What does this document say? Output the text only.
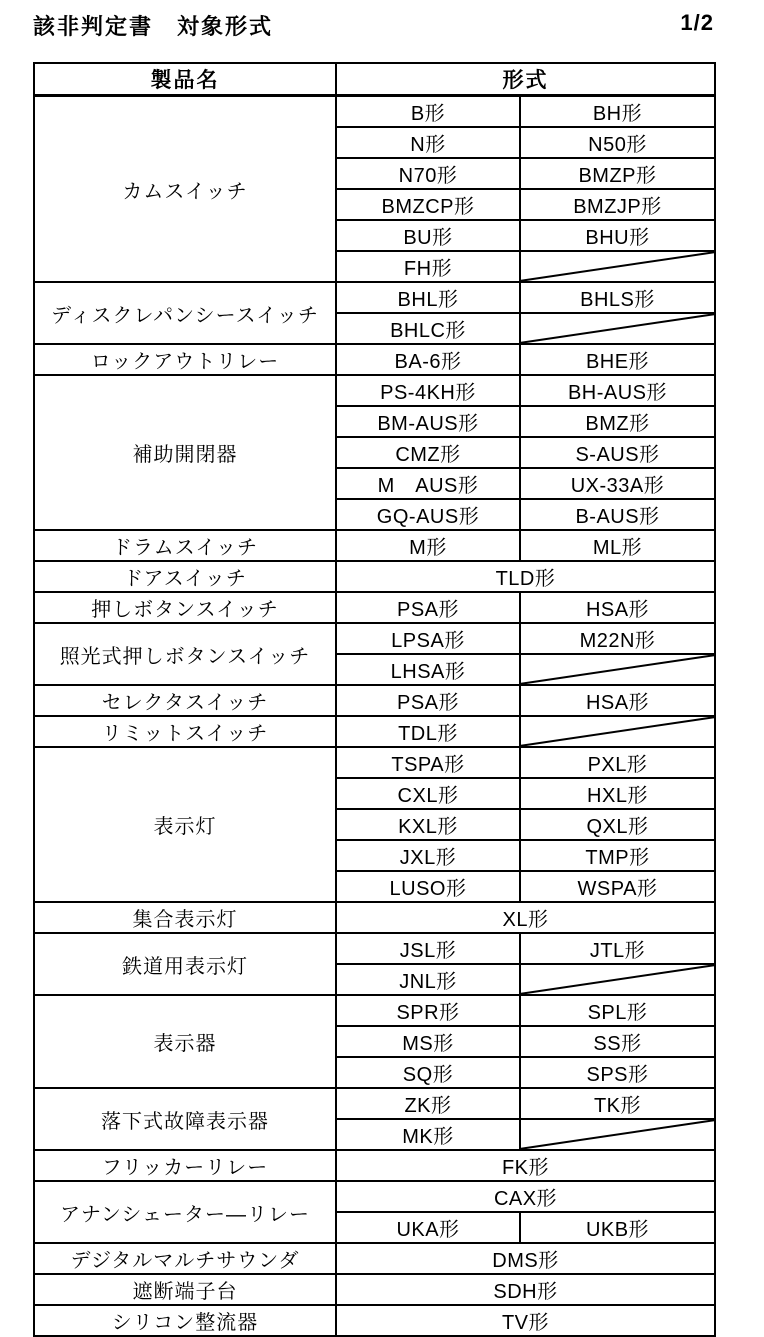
該非判定書　対象形式	1/2
製品名	形式	
カムスイッチ	B形	BH形
	N形	N50形
	N70形	BMZP形
	BMZCP形	BMZJP形
	BU形	BHU形
	FH形	

ディスクレパンシースイッチ	BHL形	BHLS形
	BHLC形	

ロックアウトリレー	BA-6形	BHE形
補助開閉器	PS-4KH形	BH-AUS形
	BM-AUS形	BMZ形
	CMZ形	S-AUS形
	M　AUS形	UX-33A形
	GQ-AUS形	B-AUS形
ドラムスイッチ	M形	ML形
ドアスイッチ	TLD形	
押しボタンスイッチ	PSA形	HSA形
照光式押しボタンスイッチ	LPSA形	M22N形
	LHSA形	

セレクタスイッチ	PSA形	HSA形
リミットスイッチ	TDL形	

表示灯	TSPA形	PXL形
	CXL形	HXL形
	KXL形	QXL形
	JXL形	TMP形
	LUSO形	WSPA形
集合表示灯	XL形	
鉄道用表示灯	JSL形	JTL形
	JNL形	

表示器	SPR形	SPL形
	MS形	SS形
	SQ形	SPS形
落下式故障表示器	ZK形	TK形
	MK形	

フリッカーリレー	FK形	
アナンシェーター―リレー	CAX形	
	UKA形	UKB形
デジタルマルチサウンダ	DMS形	
遮断端子台	SDH形	
シリコン整流器	TV形	
